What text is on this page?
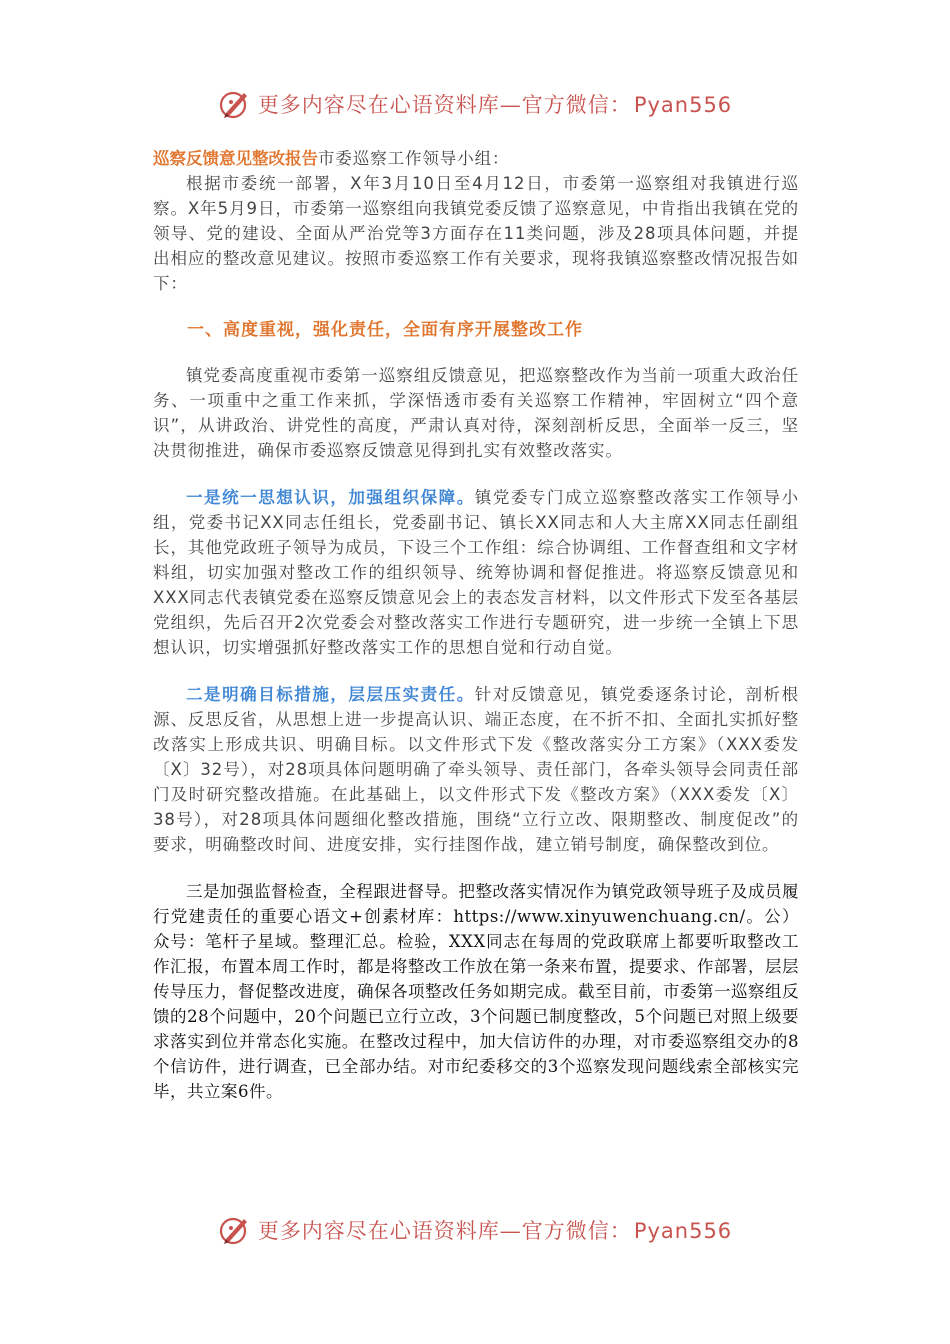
更多内容尽在心语资料库—官方微信：Pyan556

巡察反馈意见整改报告市委巡察工作领导小组：

根据市委统一部署，X年3月10日至4月12日，市委第一巡察组对我镇进行巡察。X年5月9日，市委第一巡察组向我镇党委反馈了巡察意见，中肯指出我镇在党的领导、党的建设、全面从严治党等3方面存在11类问题，涉及28项具体问题，并提出相应的整改意见建议。按照市委巡察工作有关要求，现将我镇巡察整改情况报告如下：

一、高度重视，强化责任，全面有序开展整改工作

镇党委高度重视市委第一巡察组反馈意见，把巡察整改作为当前一项重大政治任务、一项重中之重工作来抓，学深悟透市委有关巡察工作精神，牢固树立“四个意识”，从讲政治、讲党性的高度，严肃认真对待，深刻剖析反思，全面举一反三，坚决贯彻推进，确保市委巡察反馈意见得到扎实有效整改落实。

一是统一思想认识，加强组织保障。镇党委专门成立巡察整改落实工作领导小组，党委书记XX同志任组长，党委副书记、镇长XX同志和人大主席XX同志任副组长，其他党政班子领导为成员，下设三个工作组：综合协调组、工作督查组和文字材料组，切实加强对整改工作的组织领导、统筹协调和督促推进。将巡察反馈意见和XXX同志代表镇党委在巡察反馈意见会上的表态发言材料，以文件形式下发至各基层党组织，先后召开2次党委会对整改落实工作进行专题研究，进一步统一全镇上下思想认识，切实增强抓好整改落实工作的思想自觉和行动自觉。

二是明确目标措施，层层压实责任。针对反馈意见，镇党委逐条讨论，剖析根源、反思反省，从思想上进一步提高认识、端正态度，在不折不扣、全面扎实抓好整改落实上形成共识、明确目标。以文件形式下发《整改落实分工方案》（XXX委发〔X〕32号），对28项具体问题明确了牵头领导、责任部门，各牵头领导会同责任部门及时研究整改措施。在此基础上，以文件形式下发《整改方案》（XXX委发〔X〕38号），对28项具体问题细化整改措施，围绕“立行立改、限期整改、制度促改”的要求，明确整改时间、进度安排，实行挂图作战，建立销号制度，确保整改到位。

三是加强监督检查，全程跟进督导。把整改落实情况作为镇党政领导班子及成员履行党建责任的重要心语文+创素材库：https://www.xinyuwenchuang.cn/。公）众号：笔杆子星域。整理汇总。检验，XXX同志在每周的党政联席上都要听取整改工作汇报，布置本周工作时，都是将整改工作放在第一条来布置，提要求、作部署，层层传导压力，督促整改进度，确保各项整改任务如期完成。截至目前，市委第一巡察组反馈的28个问题中，20个问题已立行立改，3个问题已制度整改，5个问题已对照上级要求落实到位并常态化实施。在整改过程中，加大信访件的办理，对市委巡察组交办的8个信访件，进行调查，已全部办结。对市纪委移交的3个巡察发现问题线索全部核实完毕，共立案6件。

更多内容尽在心语资料库—官方微信：Pyan556
